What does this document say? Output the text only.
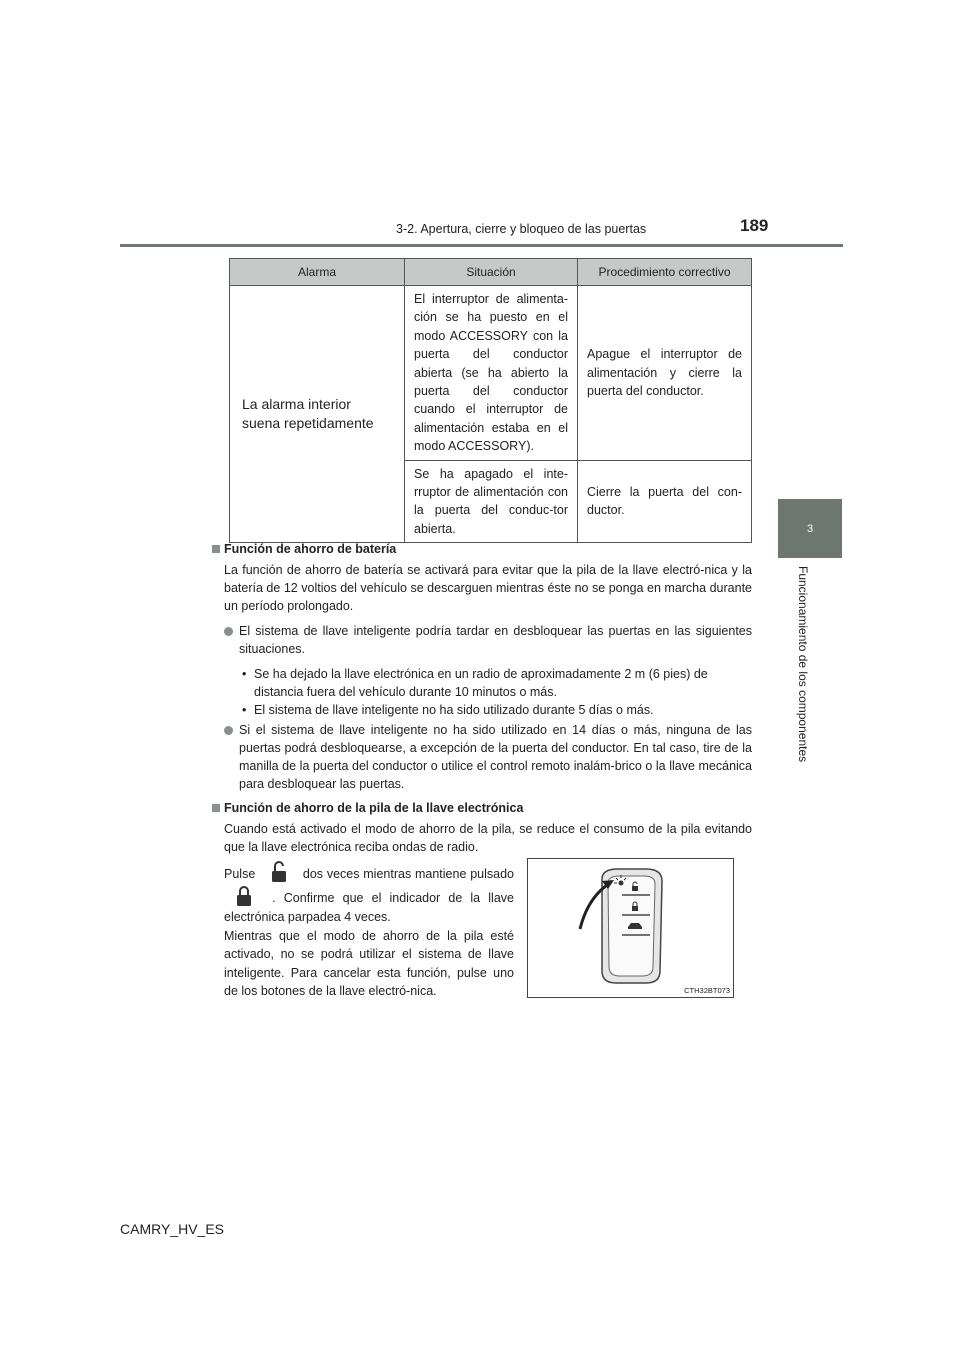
3-2. Apertura, cierre y bloqueo de las puertas	189
3
Funcionamiento de los componentes
Alarma	Situación	Procedimiento correctivo
La alarma interior suena repetidamente	El interruptor de alimenta-ción se ha puesto en el modo ACCESSORY con la puerta del conductor abierta (se ha abierto la puerta del conductor cuando el interruptor de alimentación estaba en el modo ACCESSORY).	Apague el interruptor de alimentación y cierre la puerta del conductor.
	Se ha apagado el inte-rruptor de alimentación con la puerta del conduc-tor abierta.	Cierre la puerta del con-ductor.

Función de ahorro de batería

La función de ahorro de batería se activará para evitar que la pila de la llave electró-nica y la batería de 12 voltios del vehículo se descarguen mientras éste no se ponga en marcha durante un período prolongado.

El sistema de llave inteligente podría tardar en desbloquear las puertas en las siguientes situaciones.

• Se ha dejado la llave electrónica en un radio de aproximadamente 2 m (6 pies) de distancia fuera del vehículo durante 10 minutos o más.

• El sistema de llave inteligente no ha sido utilizado durante 5 días o más.

Si el sistema de llave inteligente no ha sido utilizado en 14 días o más, ninguna de las puertas podrá desbloquearse, a excepción de la puerta del conductor. En tal caso, tire de la manilla de la puerta del conductor o utilice el control remoto inalám-brico o la llave mecánica para desbloquear las puertas.

Función de ahorro de la pila de la llave electrónica

Cuando está activado el modo de ahorro de la pila, se reduce el consumo de la pila evitando que la llave electrónica reciba ondas de radio.

Pulse	dos veces mientras mantiene pulsado  . Confirme que el indicador de la llave electrónica parpadea 4 veces.

Mientras que el modo de ahorro de la pila esté activado, no se podrá utilizar el sistema de llave inteligente. Para cancelar esta función, pulse uno de los botones de la llave electró-nica.	CTH32BT073
CAMRY_HV_ES
